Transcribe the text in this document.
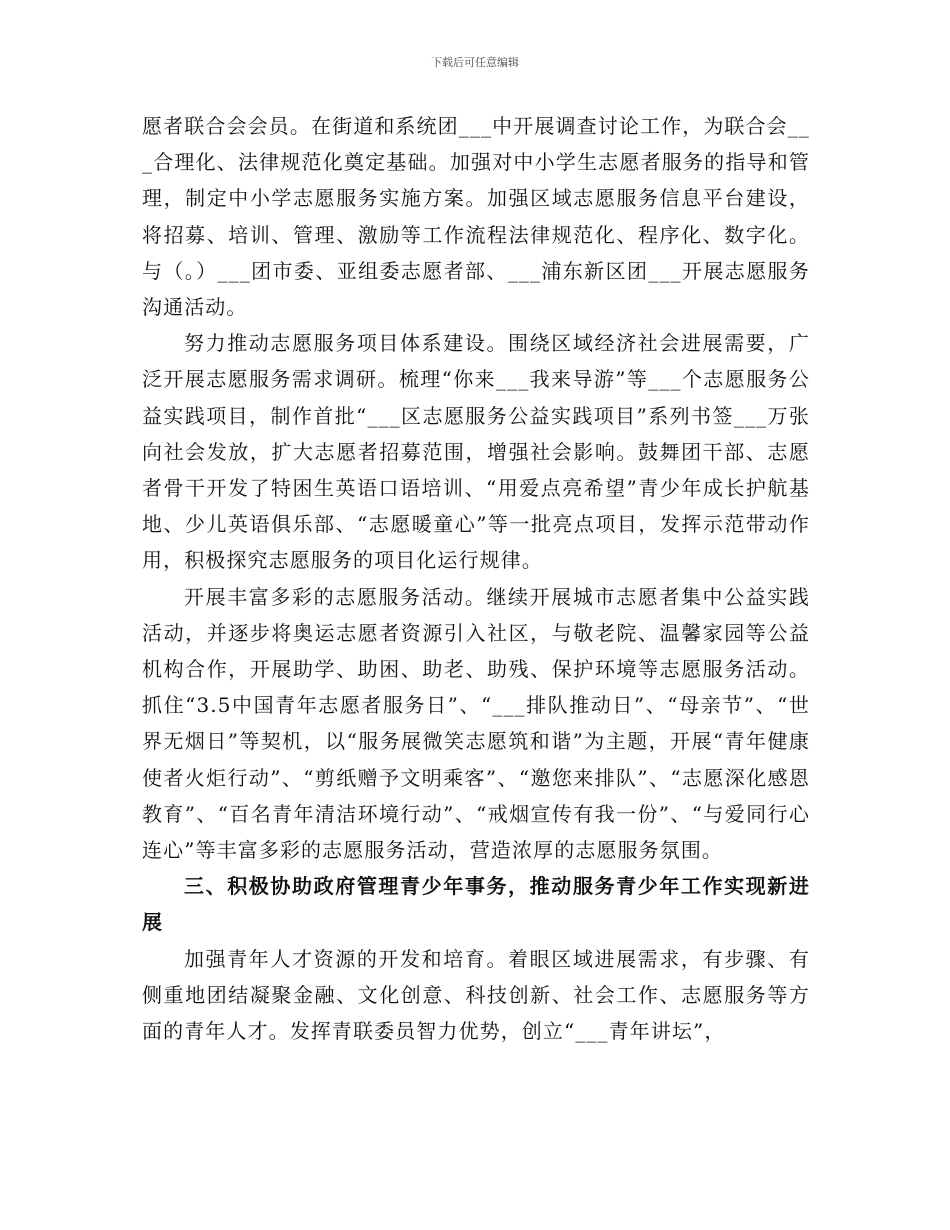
下载后可任意编辑

愿者联合会会员。在街道和系统团___中开展调查讨论工作，为联合会___合理化、法律规范化奠定基础。加强对中小学生志愿者服务的指导和管理，制定中小学志愿服务实施方案。加强区域志愿服务信息平台建设，将招募、培训、管理、激励等工作流程法律规范化、程序化、数字化。与（。）___团市委、亚组委志愿者部、___浦东新区团___开展志愿服务沟通活动。

努力推动志愿服务项目体系建设。围绕区域经济社会进展需要，广泛开展志愿服务需求调研。梳理“你来___我来导游”等___个志愿服务公益实践项目，制作首批“___区志愿服务公益实践项目”系列书签___万张向社会发放，扩大志愿者招募范围，增强社会影响。鼓舞团干部、志愿者骨干开发了特困生英语口语培训、“用爱点亮希望”青少年成长护航基地、少儿英语俱乐部、“志愿暖童心”等一批亮点项目，发挥示范带动作用，积极探究志愿服务的项目化运行规律。

开展丰富多彩的志愿服务活动。继续开展城市志愿者集中公益实践活动，并逐步将奥运志愿者资源引入社区，与敬老院、温馨家园等公益机构合作，开展助学、助困、助老、助残、保护环境等志愿服务活动。抓住“3.5中国青年志愿者服务日”、“___排队推动日”、“母亲节”、“世界无烟日”等契机，以“服务展微笑志愿筑和谐”为主题，开展“青年健康使者火炬行动”、“剪纸赠予文明乘客”、“邀您来排队”、“志愿深化感恩教育”、“百名青年清洁环境行动”、“戒烟宣传有我一份”、“与爱同行心连心”等丰富多彩的志愿服务活动，营造浓厚的志愿服务氛围。

三、积极协助政府管理青少年事务，推动服务青少年工作实现新进展

加强青年人才资源的开发和培育。着眼区域进展需求，有步骤、有侧重地团结凝聚金融、文化创意、科技创新、社会工作、志愿服务等方面的青年人才。发挥青联委员智力优势，创立“___青年讲坛”，
